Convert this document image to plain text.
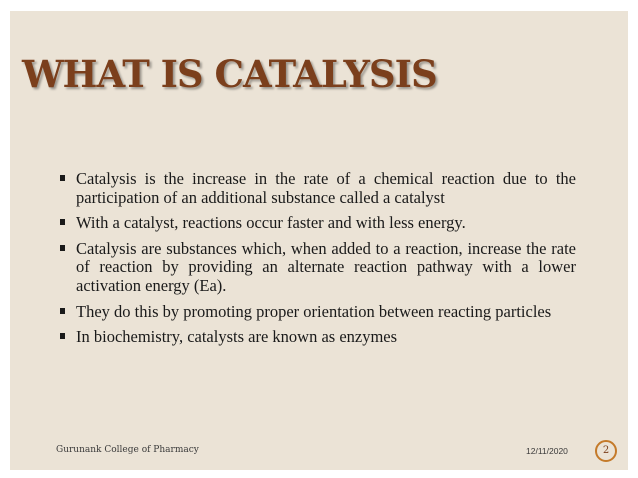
WHAT IS CATALYSIS
Catalysis is the increase in the rate of a chemical reaction due to the participation of an additional substance called a catalyst
With a catalyst, reactions occur faster and with less energy.
Catalysis are substances which, when added to a reaction, increase the rate of reaction by providing an alternate reaction pathway with a lower activation energy (Ea).
They do this by promoting proper orientation between reacting particles
In biochemistry, catalysts are known as enzymes
Gurunank College of Pharmacy	12/11/2020	2
